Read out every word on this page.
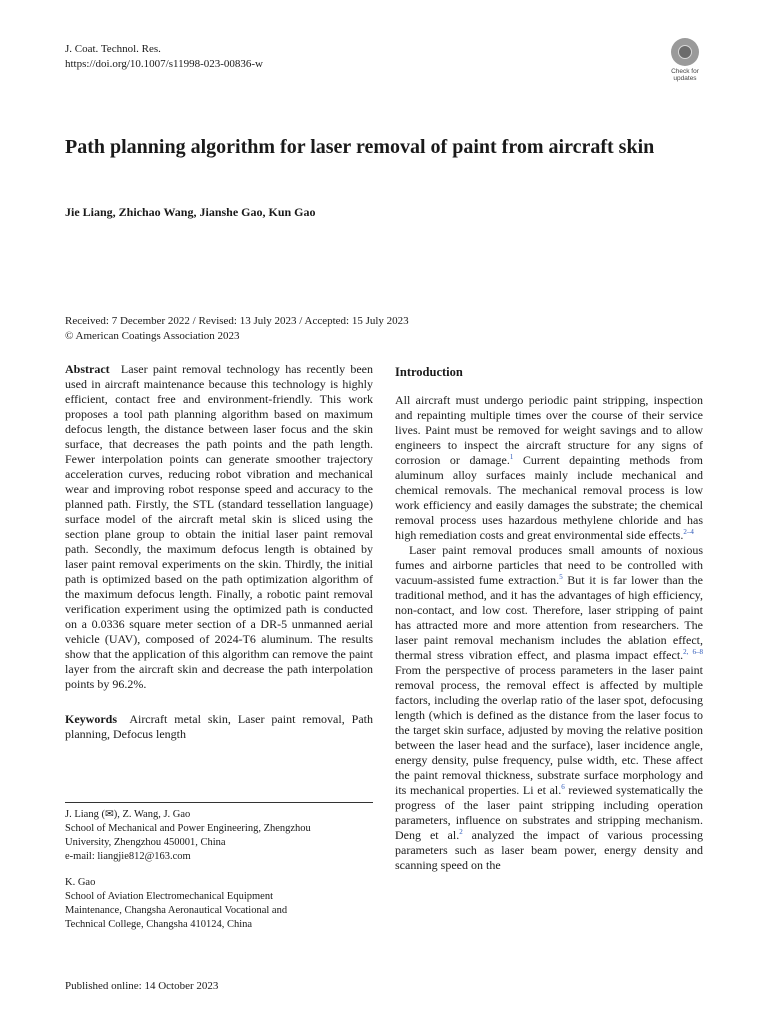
J. Coat. Technol. Res.
https://doi.org/10.1007/s11998-023-00836-w
Check for
updates
Path planning algorithm for laser removal of paint from aircraft skin
Jie Liang, Zhichao Wang, Jianshe Gao, Kun Gao
Received: 7 December 2022 / Revised: 13 July 2023 / Accepted: 15 July 2023
© American Coatings Association 2023

Abstract Laser paint removal technology has recently been used in aircraft maintenance because this technology is highly efficient, contact free and environment-friendly. This work proposes a tool path planning algorithm based on maximum defocus length, the distance between laser focus and the skin surface, that decreases the path points and the path length. Fewer interpolation points can generate smoother trajectory acceleration curves, reducing robot vibration and mechanical wear and improving robot response speed and accuracy to the planned path. Firstly, the STL (standard tessellation language) surface model of the aircraft metal skin is sliced using the section plane group to obtain the initial laser paint removal path. Secondly, the maximum defocus length is obtained by laser paint removal experiments on the skin. Thirdly, the initial path is optimized based on the path optimization algorithm of the maximum defocus length. Finally, a robotic paint removal verification experiment using the optimized path is conducted on a 0.0336 square meter section of a DR-5 unmanned aerial vehicle (UAV), composed of 2024-T6 aluminum. The results show that the application of this algorithm can remove the paint layer from the aircraft skin and decrease the path interpolation points by 96.2%.

Keywords Aircraft metal skin, Laser paint removal, Path planning, Defocus length

J. Liang (✉), Z. Wang, J. Gao
School of Mechanical and Power Engineering, Zhengzhou
University, Zhengzhou 450001, China
e-mail: liangjie812@163.com
K. Gao
School of Aviation Electromechanical Equipment
Maintenance, Changsha Aeronautical Vocational and
Technical College, Changsha 410124, China
Introduction

All aircraft must undergo periodic paint stripping, inspection and repainting multiple times over the course of their service lives. Paint must be removed for weight savings and to allow engineers to inspect the aircraft structure for any signs of corrosion or damage.$^1$ Current depainting methods from aluminum alloy surfaces mainly include mechanical and chemical removals. The mechanical removal process is low work efficiency and easily damages the substrate; the chemical removal process uses hazardous methylene chloride and has high remediation costs and great environmental side effects.$^{2-4}$

Laser paint removal produces small amounts of noxious fumes and airborne particles that need to be controlled with vacuum-assisted fume extraction.$^5$ But it is far lower than the traditional method, and it has the advantages of high efficiency, non-contact, and low cost. Therefore, laser stripping of paint has attracted more and more attention from researchers. The laser paint removal mechanism includes the ablation effect, thermal stress vibration effect, and plasma impact effect.$^{2, 6-8}$ From the perspective of process parameters in the laser paint removal process, the removal effect is affected by multiple factors, including the overlap ratio of the laser spot, defocusing length (which is defined as the distance from the laser focus to the target skin surface, adjusted by moving the relative position between the laser head and the surface), laser incidence angle, energy density, pulse frequency, pulse width, etc. These affect the paint removal thickness, substrate surface morphology and its mechanical properties. Li et al.$^6$ reviewed systematically the progress of the laser paint stripping including operation parameters, influence on substrates and stripping mechanism. Deng et al.$^2$ analyzed the impact of various processing parameters such as laser beam power, energy density and scanning speed on the

Published online: 14 October 2023
